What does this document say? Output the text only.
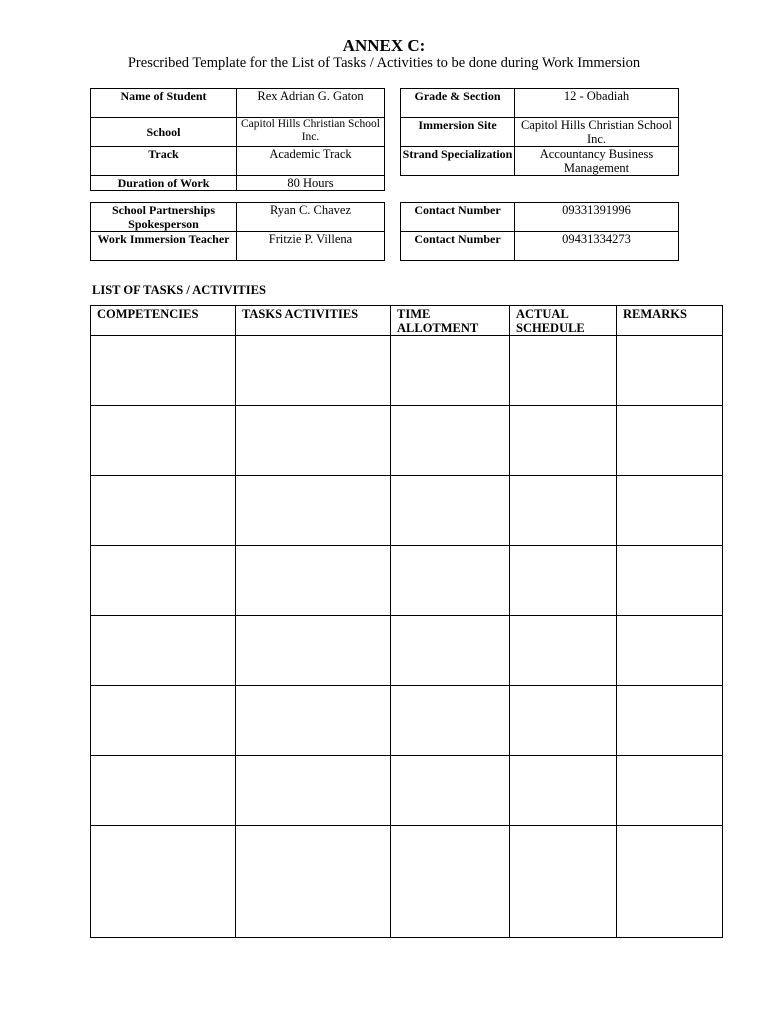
ANNEX C:
Prescribed Template for the List of Tasks / Activities to be done during Work Immersion
Name of Student	Rex Adrian G. Gaton		Grade & Section	12 - Obadiah
School	Capitol Hills Christian School Inc.		Immersion Site	Capitol Hills Christian School Inc.
Track	Academic Track		Strand Specialization	Accountancy Business Management
Duration of Work	80 Hours			
School Partnerships Spokesperson	Ryan C. Chavez		Contact Number	09331391996
Work Immersion Teacher	Fritzie P. Villena		Contact Number	09431334273
LIST OF TASKS / ACTIVITIES
COMPETENCIES	TASKS ACTIVITIES	TIME ALLOTMENT	ACTUAL SCHEDULE	REMARKS
